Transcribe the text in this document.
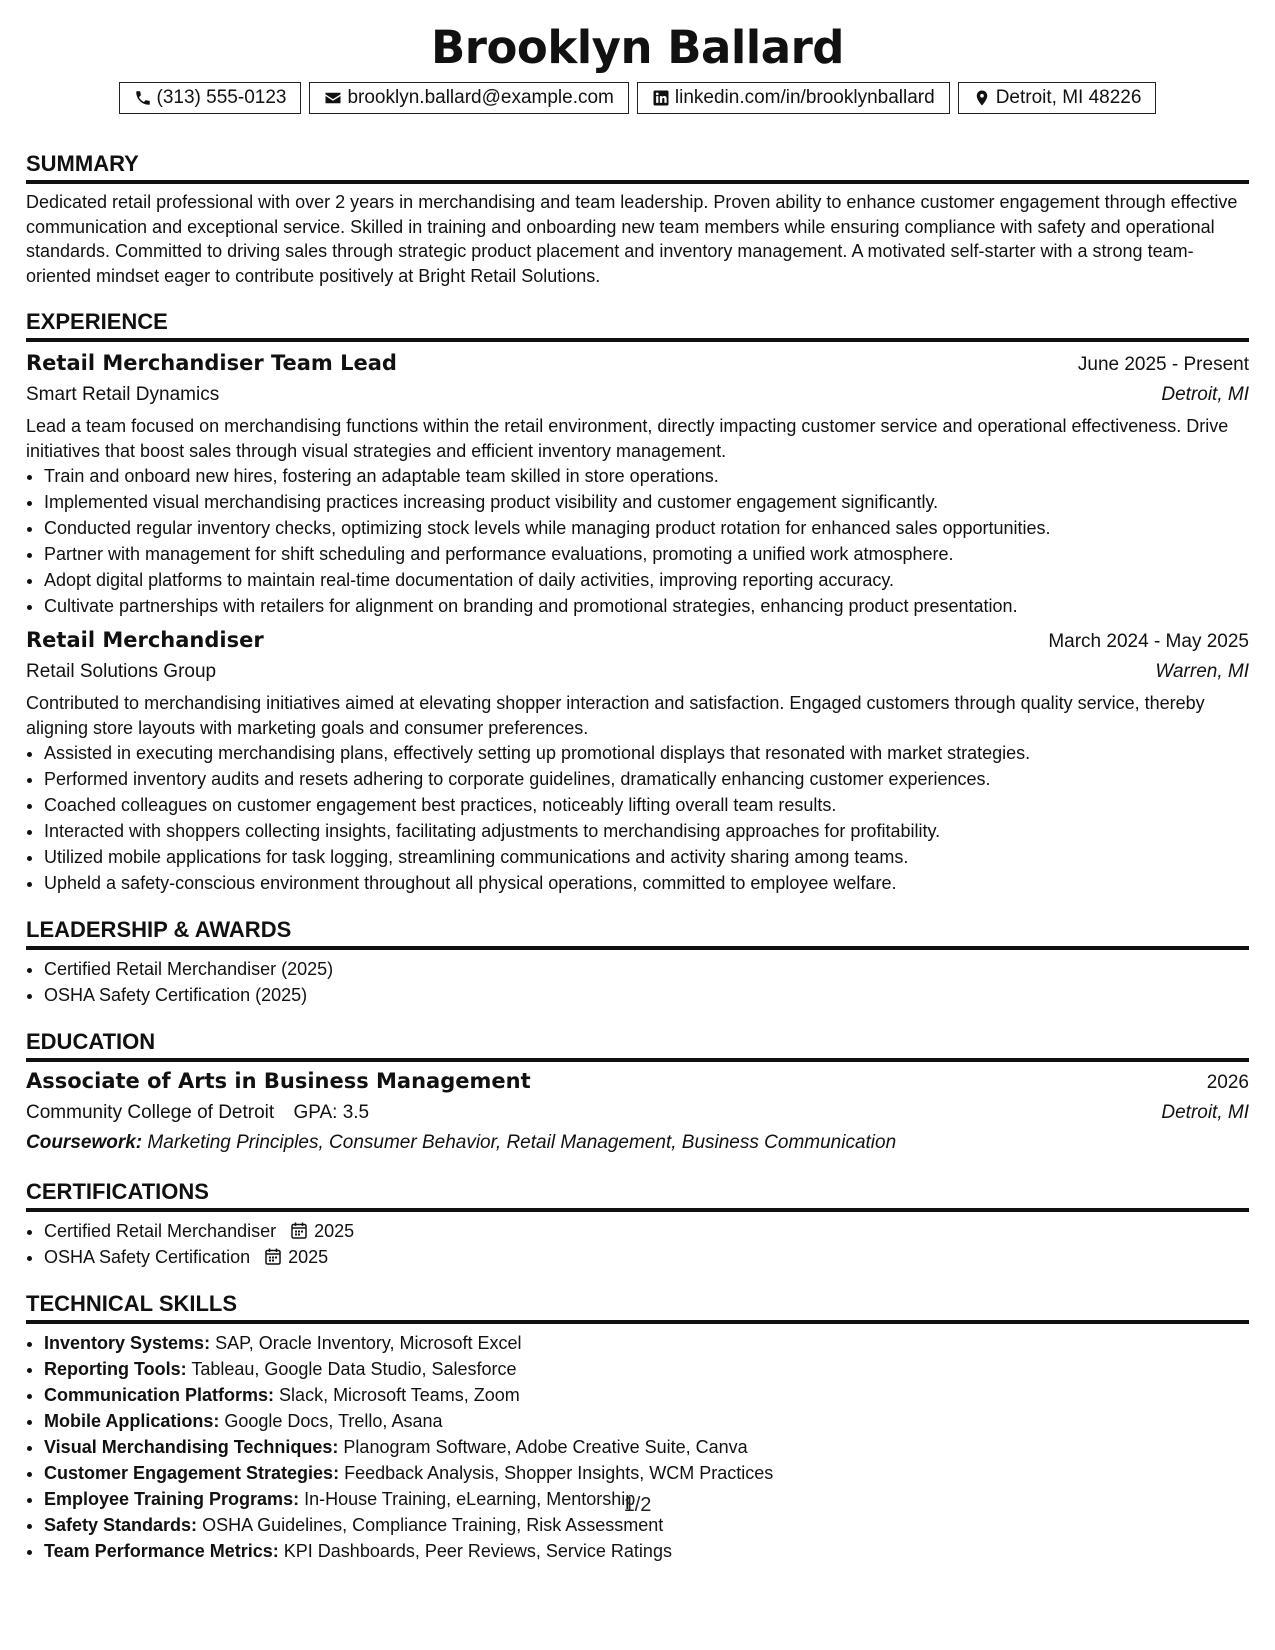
Brooklyn Ballard
(313) 555-0123	brooklyn.ballard@example.com	linkedin.com/in/brooklynballard	Detroit, MI 48226
SUMMARY

Dedicated retail professional with over 2 years in merchandising and team leadership. Proven ability to enhance customer engagement through effective communication and exceptional service. Skilled in training and onboarding new team members while ensuring compliance with safety and operational standards. Committed to driving sales through strategic product placement and inventory management. A motivated self-starter with a strong team-oriented mindset eager to contribute positively at Bright Retail Solutions.

EXPERIENCE
Retail Merchandiser Team Lead	June 2025 - Present
Smart Retail Dynamics	Detroit, MI

Lead a team focused on merchandising functions within the retail environment, directly impacting customer service and operational effectiveness. Drive initiatives that boost sales through visual strategies and efficient inventory management.

• Train and onboard new hires, fostering an adaptable team skilled in store operations.
• Implemented visual merchandising practices increasing product visibility and customer engagement significantly.
• Conducted regular inventory checks, optimizing stock levels while managing product rotation for enhanced sales opportunities.
• Partner with management for shift scheduling and performance evaluations, promoting a unified work atmosphere.
• Adopt digital platforms to maintain real-time documentation of daily activities, improving reporting accuracy.
• Cultivate partnerships with retailers for alignment on branding and promotional strategies, enhancing product presentation.
Retail Merchandiser	March 2024 - May 2025
Retail Solutions Group	Warren, MI

Contributed to merchandising initiatives aimed at elevating shopper interaction and satisfaction. Engaged customers through quality service, thereby aligning store layouts with marketing goals and consumer preferences.

• Assisted in executing merchandising plans, effectively setting up promotional displays that resonated with market strategies.
• Performed inventory audits and resets adhering to corporate guidelines, dramatically enhancing customer experiences.
• Coached colleagues on customer engagement best practices, noticeably lifting overall team results.
• Interacted with shoppers collecting insights, facilitating adjustments to merchandising approaches for profitability.
• Utilized mobile applications for task logging, streamlining communications and activity sharing among teams.
• Upheld a safety-conscious environment throughout all physical operations, committed to employee welfare.
LEADERSHIP & AWARDS
• Certified Retail Merchandiser (2025)
• OSHA Safety Certification (2025)
EDUCATION
Associate of Arts in Business Management	2026
Community College of Detroit GPA: 3.5	Detroit, MI
Coursework: Marketing Principles, Consumer Behavior, Retail Management, Business Communication
CERTIFICATIONS
• Certified Retail Merchandiser 2025
• OSHA Safety Certification 2025
TECHNICAL SKILLS
• Inventory Systems: SAP, Oracle Inventory, Microsoft Excel
• Reporting Tools: Tableau, Google Data Studio, Salesforce
• Communication Platforms: Slack, Microsoft Teams, Zoom
• Mobile Applications: Google Docs, Trello, Asana
• Visual Merchandising Techniques: Planogram Software, Adobe Creative Suite, Canva
• Customer Engagement Strategies: Feedback Analysis, Shopper Insights, WCM Practices
• Employee Training Programs: In-House Training, eLearning, Mentorship
• Safety Standards: OSHA Guidelines, Compliance Training, Risk Assessment
• Team Performance Metrics: KPI Dashboards, Peer Reviews, Service Ratings
1/2
